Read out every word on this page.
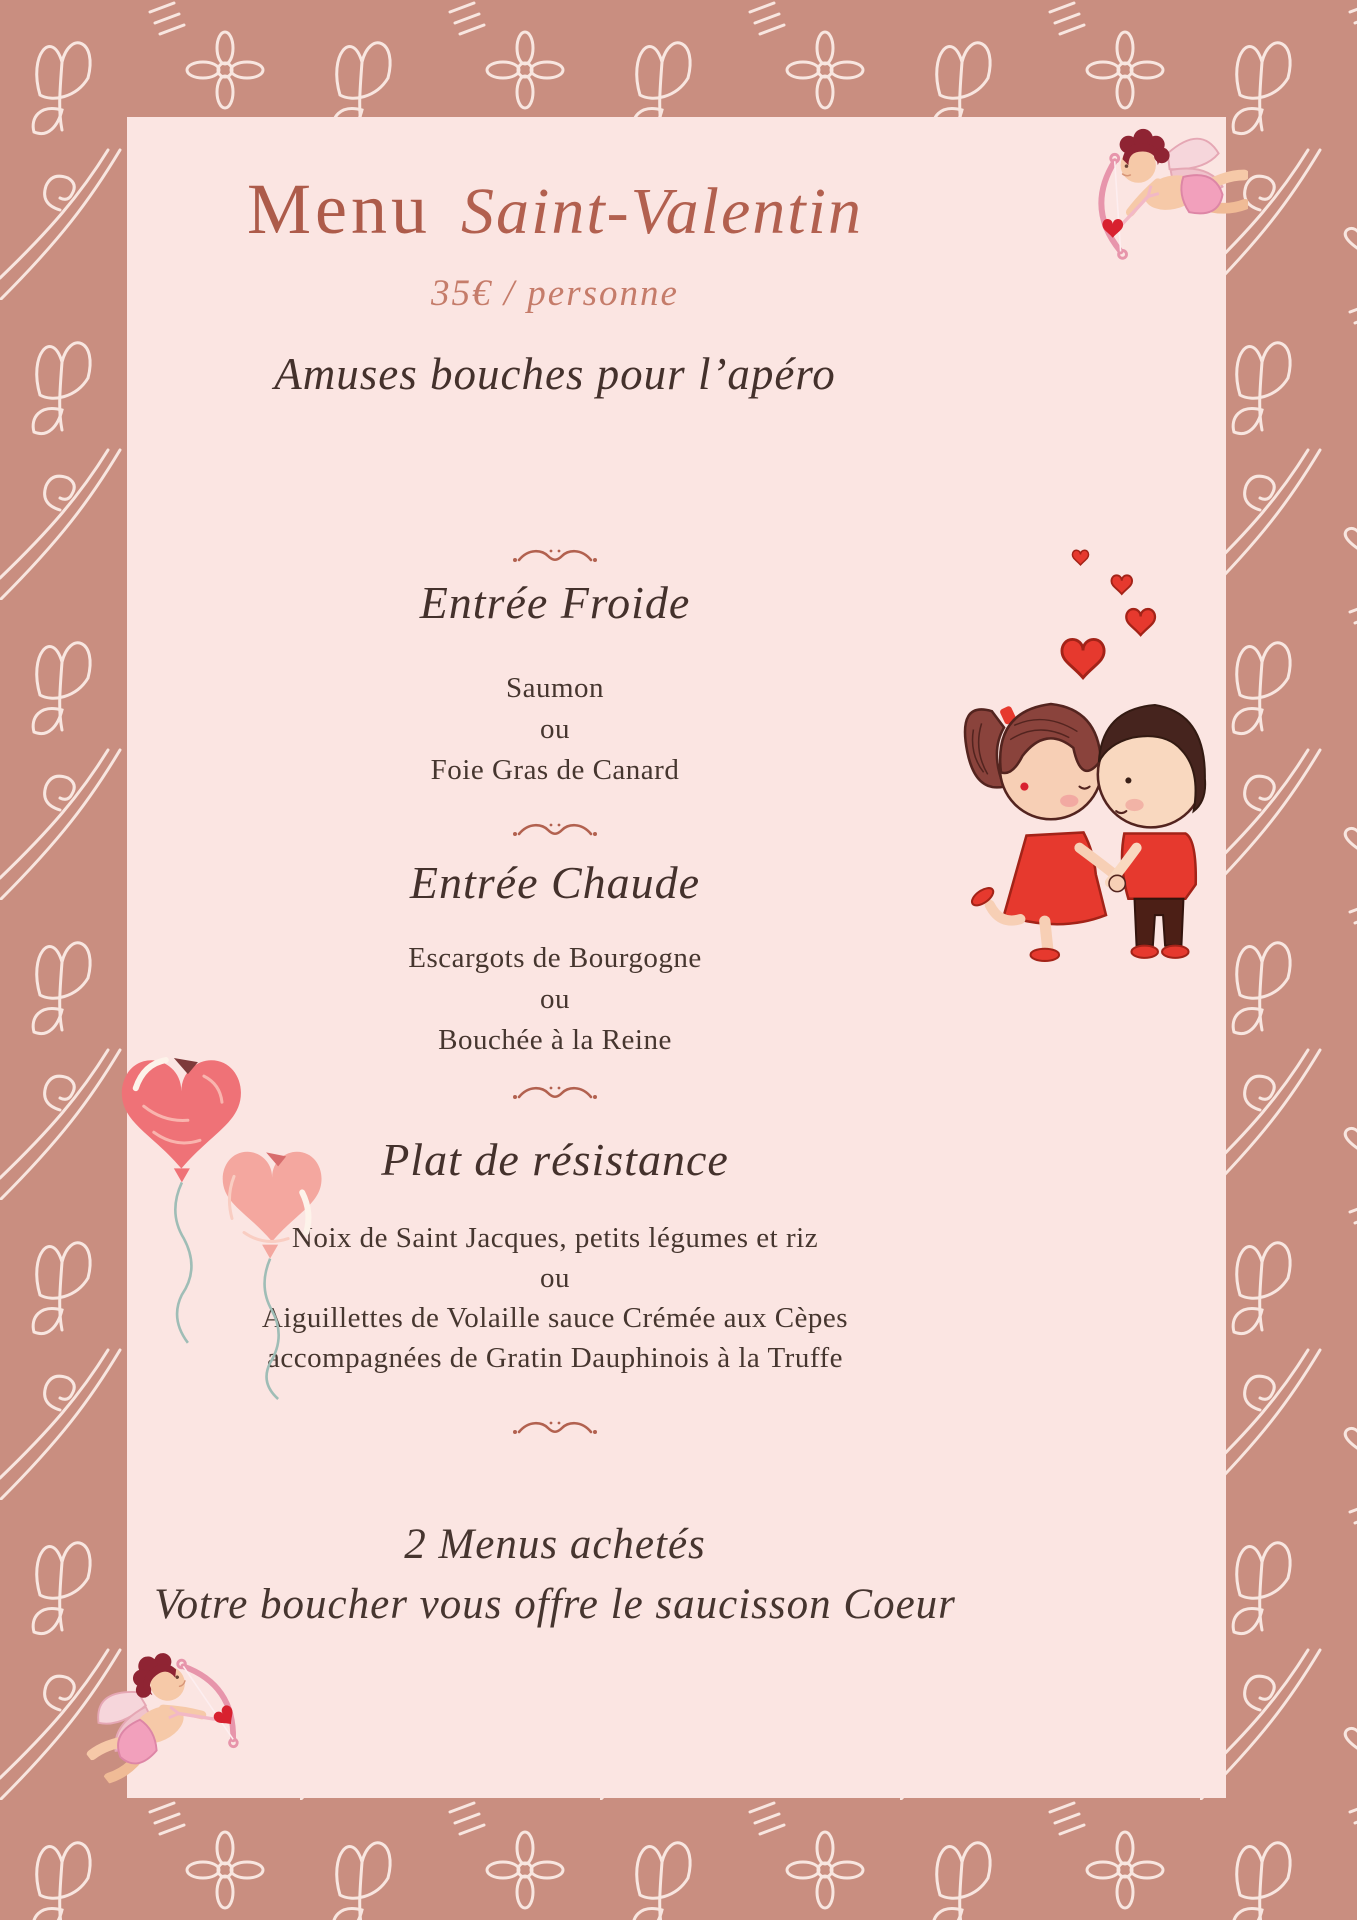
Menu Saint-Valentin
35€ / personne
Amuses bouches pour l’apéro
Entrée Froide
Saumon
ou
Foie Gras de Canard
Entrée Chaude
Escargots de Bourgogne
ou
Bouchée à la Reine
Plat de résistance
Noix de Saint Jacques, petits légumes et riz
ou
Aiguillettes de Volaille sauce Crémée aux Cèpes
accompagnées de Gratin Dauphinois à la Truffe
2 Menus achetés
Votre boucher vous offre le saucisson Coeur
